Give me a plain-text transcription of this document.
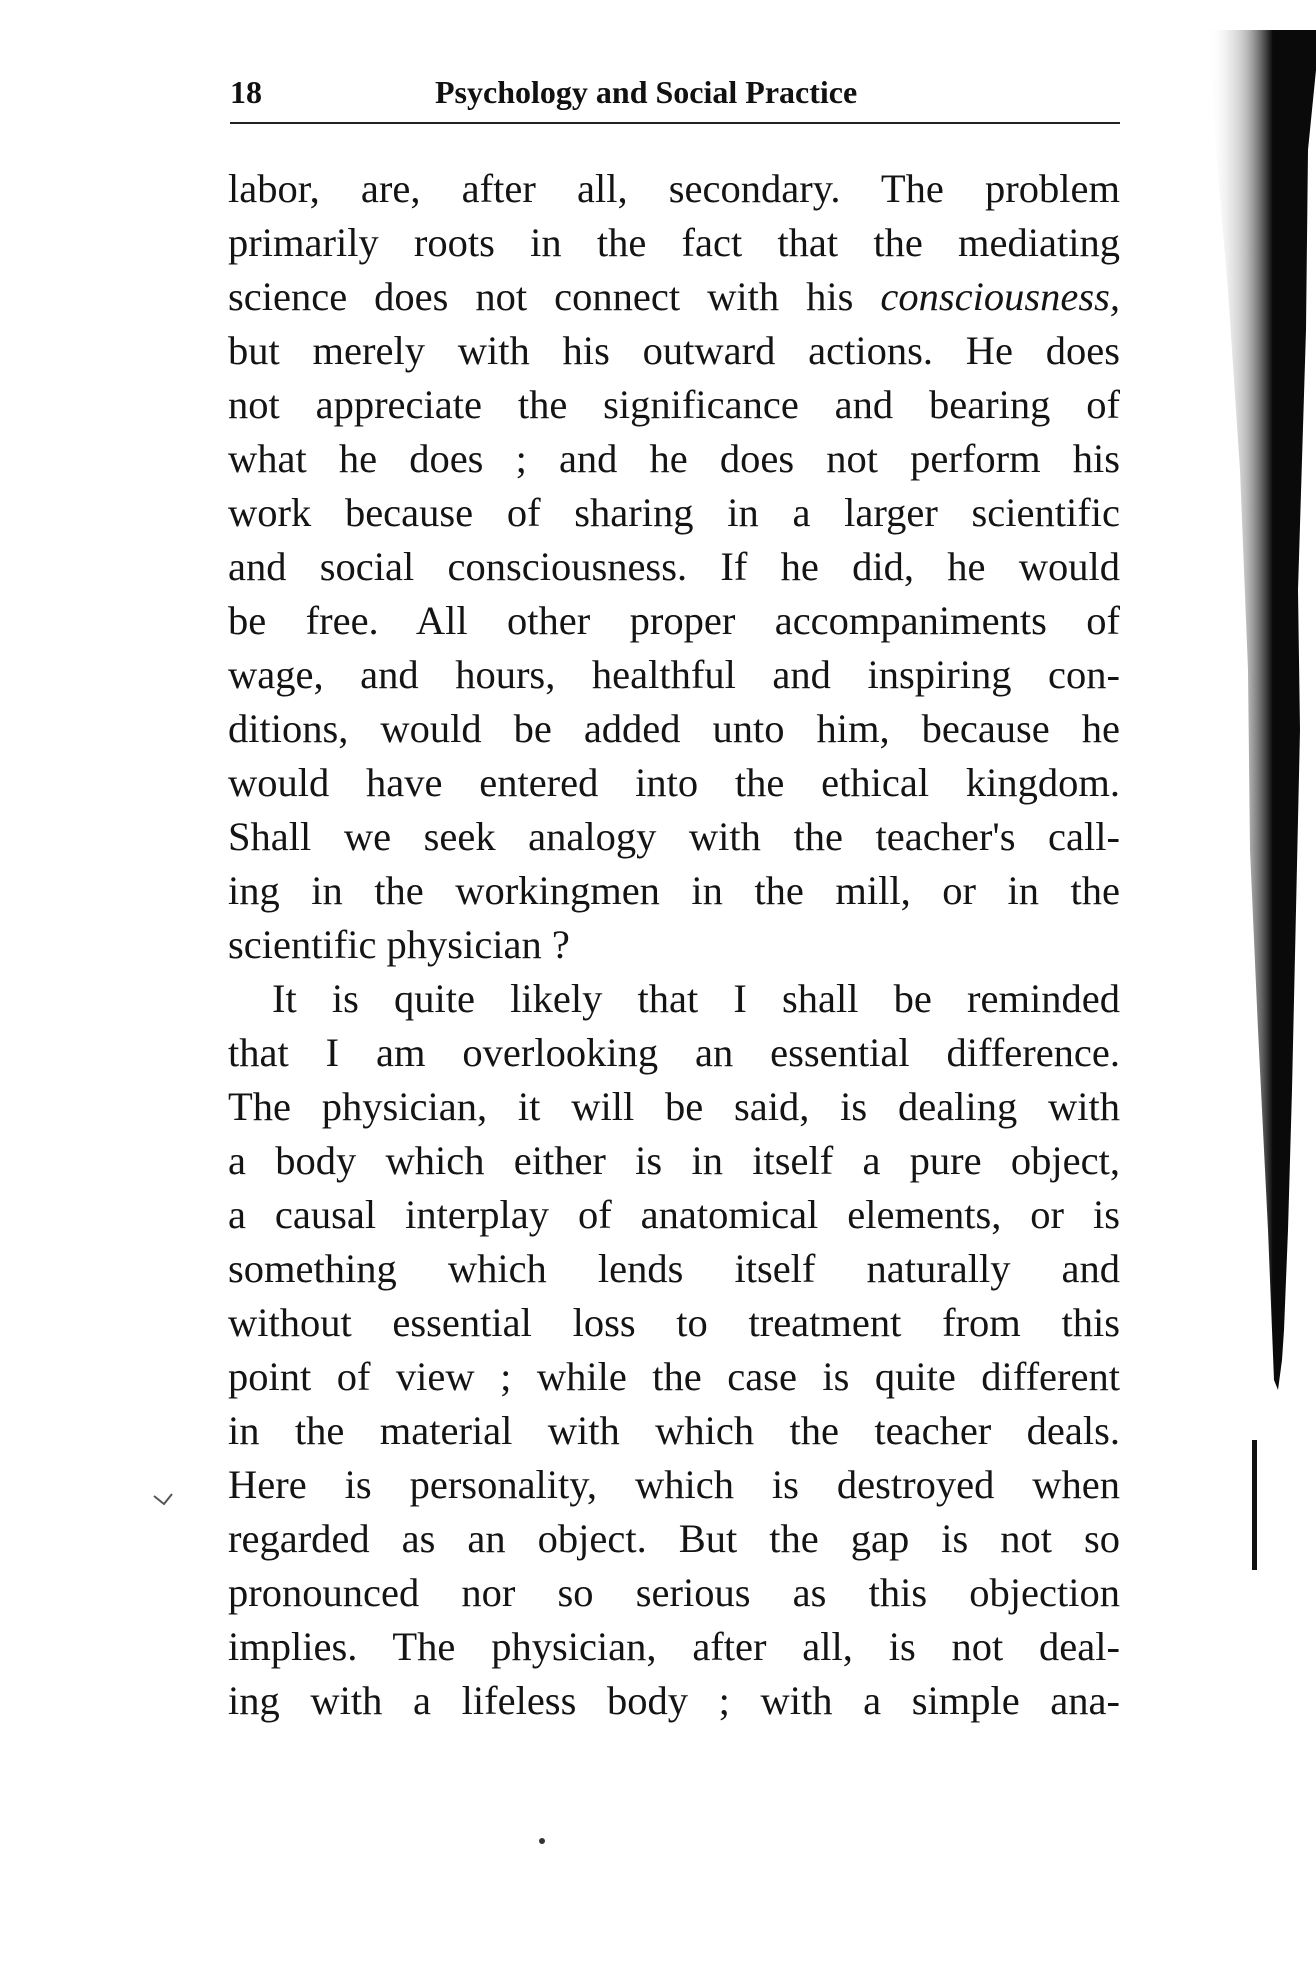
18	Psychology and Social Practice
labor, are, after all, secondary. The problem
primarily roots in the fact that the mediating
science does not connect with his consciousness,
but merely with his outward actions. He does
not appreciate the significance and bearing of
what he does ; and he does not perform his
work because of sharing in a larger scientific
and social consciousness. If he did, he would
be free. All other proper accompaniments of
wage, and hours, healthful and inspiring con-
ditions, would be added unto him, because he
would have entered into the ethical kingdom.
Shall we seek analogy with the teacher's call-
ing in the workingmen in the mill, or in the
scientific physician ?
It is quite likely that I shall be reminded
that I am overlooking an essential difference.
The physician, it will be said, is dealing with
a body which either is in itself a pure object,
a causal interplay of anatomical elements, or is
something which lends itself naturally and
without essential loss to treatment from this
point of view ; while the case is quite different
in the material with which the teacher deals.
Here is personality, which is destroyed when
regarded as an object. But the gap is not so
pronounced nor so serious as this objection
implies. The physician, after all, is not deal-
ing with a lifeless body ; with a simple ana-
